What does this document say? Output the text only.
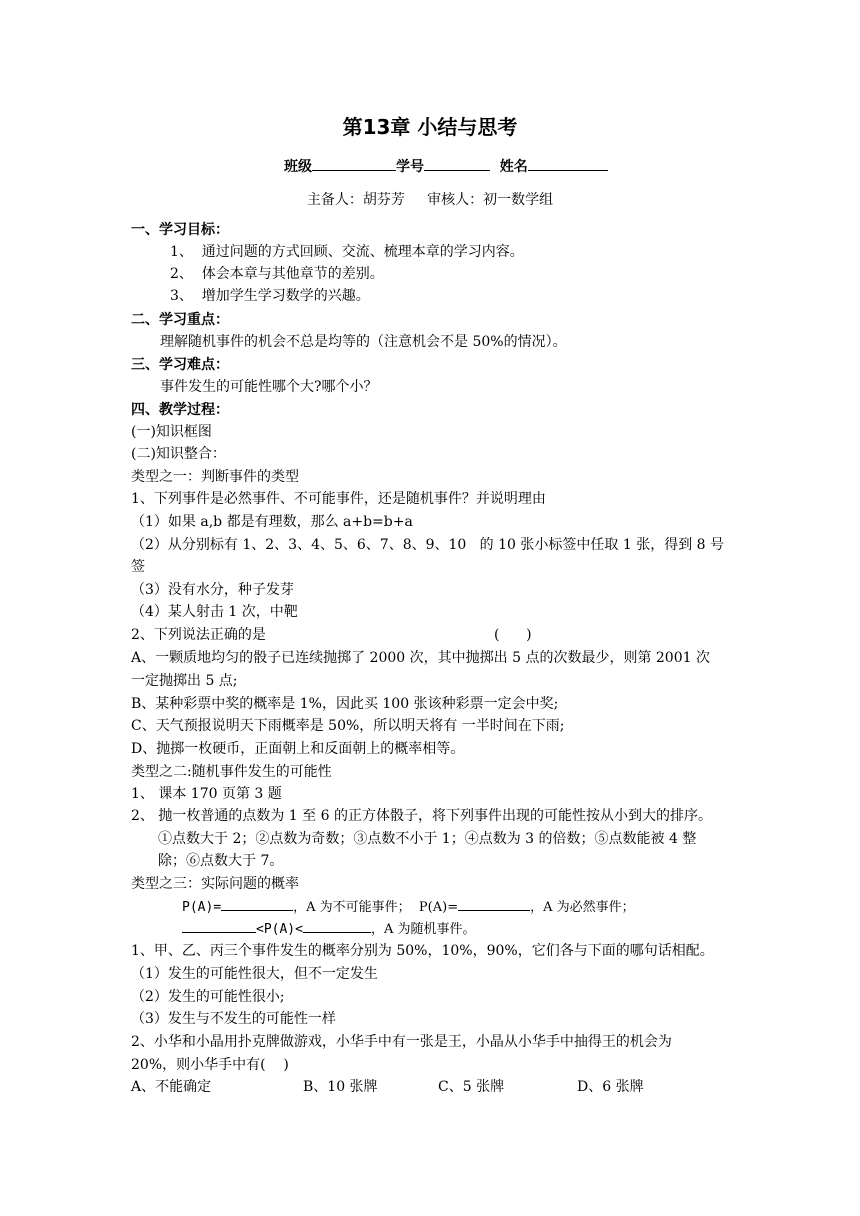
第13章 小结与思考
班级	学号	姓名
主备人：胡芬芳     审核人：初一数学组
一、学习目标：
1、  通过问题的方式回顾、交流、梳理本章的学习内容。
2、  体会本章与其他章节的差别。
3、  增加学生学习数学的兴趣。
二、学习重点：
理解随机事件的机会不总是均等的（注意机会不是 50%的情况）。
三、学习难点：
事件发生的可能性哪个大?哪个小？
四、教学过程：
(一)知识框图
(二)知识整合：
类型之一：判断事件的类型
1、下列事件是必然事件、不可能事件，还是随机事件？并说明理由
（1）如果 a,b 都是有理数，那么 a+b=b+a
（2）从分别标有 1、2、3、4、5、6、7、8、9、10   的 10 张小标签中任取 1 张，得到 8 号
签
（3）没有水分，种子发芽
（4）某人射击 1 次，中靶
2、下列说法正确的是	(      )
A、一颗质地均匀的骰子已连续抛掷了 2000 次，其中抛掷出 5 点的次数最少，则第 2001 次
一定抛掷出 5 点;
B、某种彩票中奖的概率是 1%，因此买 100 张该种彩票一定会中奖;
C、天气预报说明天下雨概率是 50%，所以明天将有 一半时间在下雨;
D、抛掷一枚硬币，正面朝上和反面朝上的概率相等。
类型之二:随机事件发生的可能性
1、 课本 170 页第 3 题
2、 抛一枚普通的点数为 1 至 6 的正方体骰子，将下列事件出现的可能性按从小到大的排序。
①点数大于 2；②点数为奇数；③点数不小于 1；④点数为 3 的倍数；⑤点数能被 4 整
除；⑥点数大于 7。
类型之三：实际问题的概率
P(A)=	，A 为不可能事件；  P(A)=	，A 为必然事件；
<P(A)<	，A 为随机事件。
1、甲、乙、丙三个事件发生的概率分别为 50%，10%，90%，它们各与下面的哪句话相配。
（1）发生的可能性很大，但不一定发生
（2）发生的可能性很小;
（3）发生与不发生的可能性一样
2、小华和小晶用扑克牌做游戏，小华手中有一张是王，小晶从小华手中抽得王的机会为
20%，则小华手中有(    )
A、不能确定	B、10 张牌	C、5 张牌	D、6 张牌
